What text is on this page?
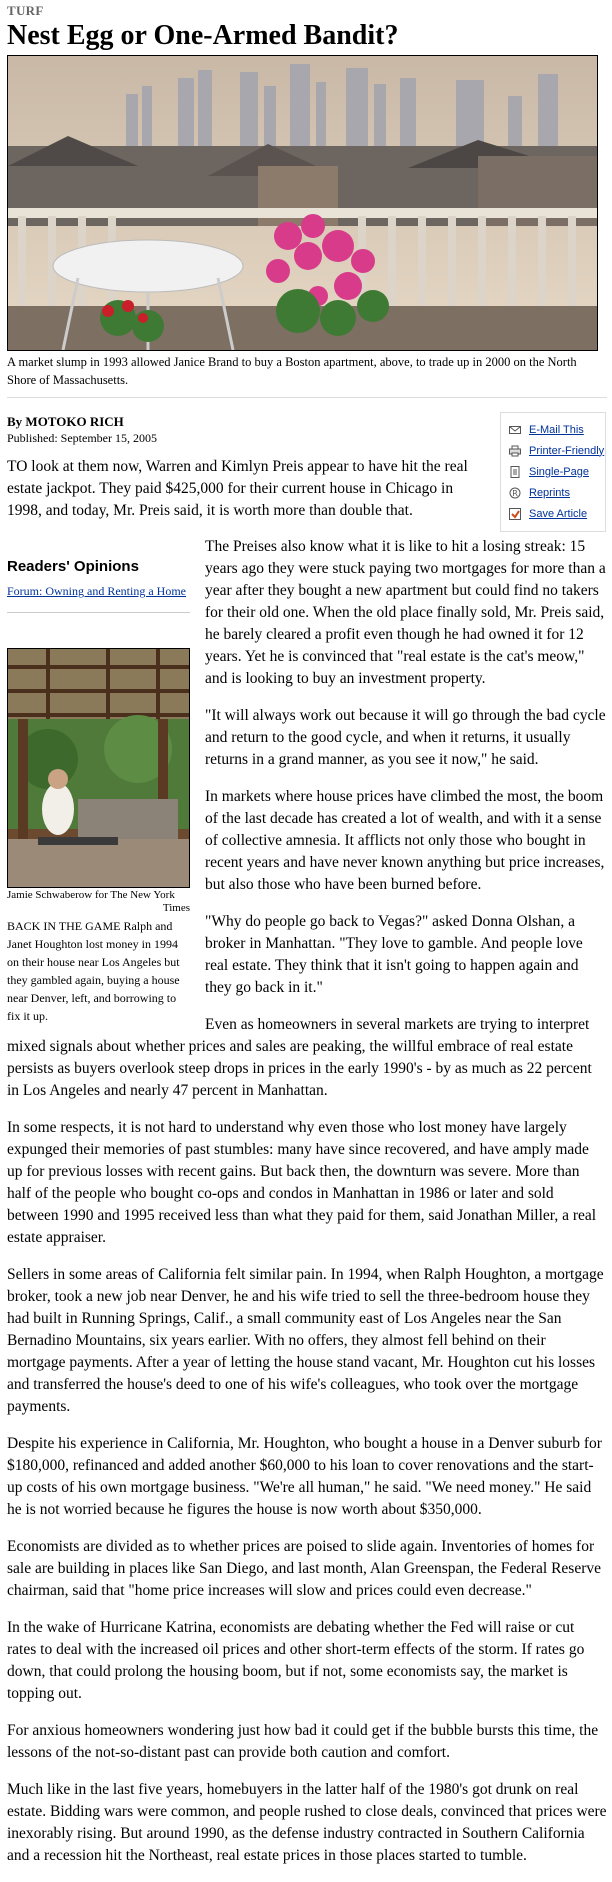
TURF
Nest Egg or One-Armed Bandit?
A market slump in 1993 allowed Janice Brand to buy a Boston apartment, above, to trade up in 2000 on the North Shore of Massachusetts.
By MOTOKO RICH
Published: September 15, 2005
E-Mail This
Printer-Friendly
Single-Page
R Reprints
Save Article

TO look at them now, Warren and Kimlyn Preis appear to have hit the real estate jackpot. They paid $425,000 for their current house in Chicago in 1998, and today, Mr. Preis said, it is worth more than double that.

Readers' Opinions
Forum: Owning and Renting a Home
Jamie Schwaberow for The New York
Times
BACK IN THE GAME Ralph and Janet Houghton lost money in 1994 on their house near Los Angeles but they gambled again, buying a house near Denver, left, and borrowing to fix it up.

The Preises also know what it is like to hit a losing streak: 15 years ago they were stuck paying two mortgages for more than a year after they bought a new apartment but could find no takers for their old one. When the old place finally sold, Mr. Preis said, he barely cleared a profit even though he had owned it for 12 years. Yet he is convinced that "real estate is the cat's meow," and is looking to buy an investment property.

"It will always work out because it will go through the bad cycle and return to the good cycle, and when it returns, it usually returns in a grand manner, as you see it now," he said.

In markets where house prices have climbed the most, the boom of the last decade has created a lot of wealth, and with it a sense of collective amnesia. It afflicts not only those who bought in recent years and have never known anything but price increases, but also those who have been burned before.

"Why do people go back to Vegas?" asked Donna Olshan, a broker in Manhattan. "They love to gamble. And people love real estate. They think that it isn't going to happen again and they go back in it."

Even as homeowners in several markets are trying to interpret mixed signals about whether prices and sales are peaking, the willful embrace of real estate persists as buyers overlook steep drops in prices in the early 1990's - by as much as 22 percent in Los Angeles and nearly 47 percent in Manhattan.

In some respects, it is not hard to understand why even those who lost money have largely expunged their memories of past stumbles: many have since recovered, and have amply made up for previous losses with recent gains. But back then, the downturn was severe. More than half of the people who bought co-ops and condos in Manhattan in 1986 or later and sold between 1990 and 1995 received less than what they paid for them, said Jonathan Miller, a real estate appraiser.

Sellers in some areas of California felt similar pain. In 1994, when Ralph Houghton, a mortgage broker, took a new job near Denver, he and his wife tried to sell the three-bedroom house they had built in Running Springs, Calif., a small community east of Los Angeles near the San Bernadino Mountains, six years earlier. With no offers, they almost fell behind on their mortgage payments. After a year of letting the house stand vacant, Mr. Houghton cut his losses and transferred the house's deed to one of his wife's colleagues, who took over the mortgage payments.

Despite his experience in California, Mr. Houghton, who bought a house in a Denver suburb for $180,000, refinanced and added another $60,000 to his loan to cover renovations and the start-up costs of his own mortgage business. "We're all human," he said. "We need money." He said he is not worried because he figures the house is now worth about $350,000.

Economists are divided as to whether prices are poised to slide again. Inventories of homes for sale are building in places like San Diego, and last month, Alan Greenspan, the Federal Reserve chairman, said that "home price increases will slow and prices could even decrease."

In the wake of Hurricane Katrina, economists are debating whether the Fed will raise or cut rates to deal with the increased oil prices and other short-term effects of the storm. If rates go down, that could prolong the housing boom, but if not, some economists say, the market is topping out.

For anxious homeowners wondering just how bad it could get if the bubble bursts this time, the lessons of the not-so-distant past can provide both caution and comfort.

Much like in the last five years, homebuyers in the latter half of the 1980's got drunk on real estate. Bidding wars were common, and people rushed to close deals, convinced that prices were inexorably rising. But around 1990, as the defense industry contracted in Southern California and a recession hit the Northeast, real estate prices in those places started to tumble.
